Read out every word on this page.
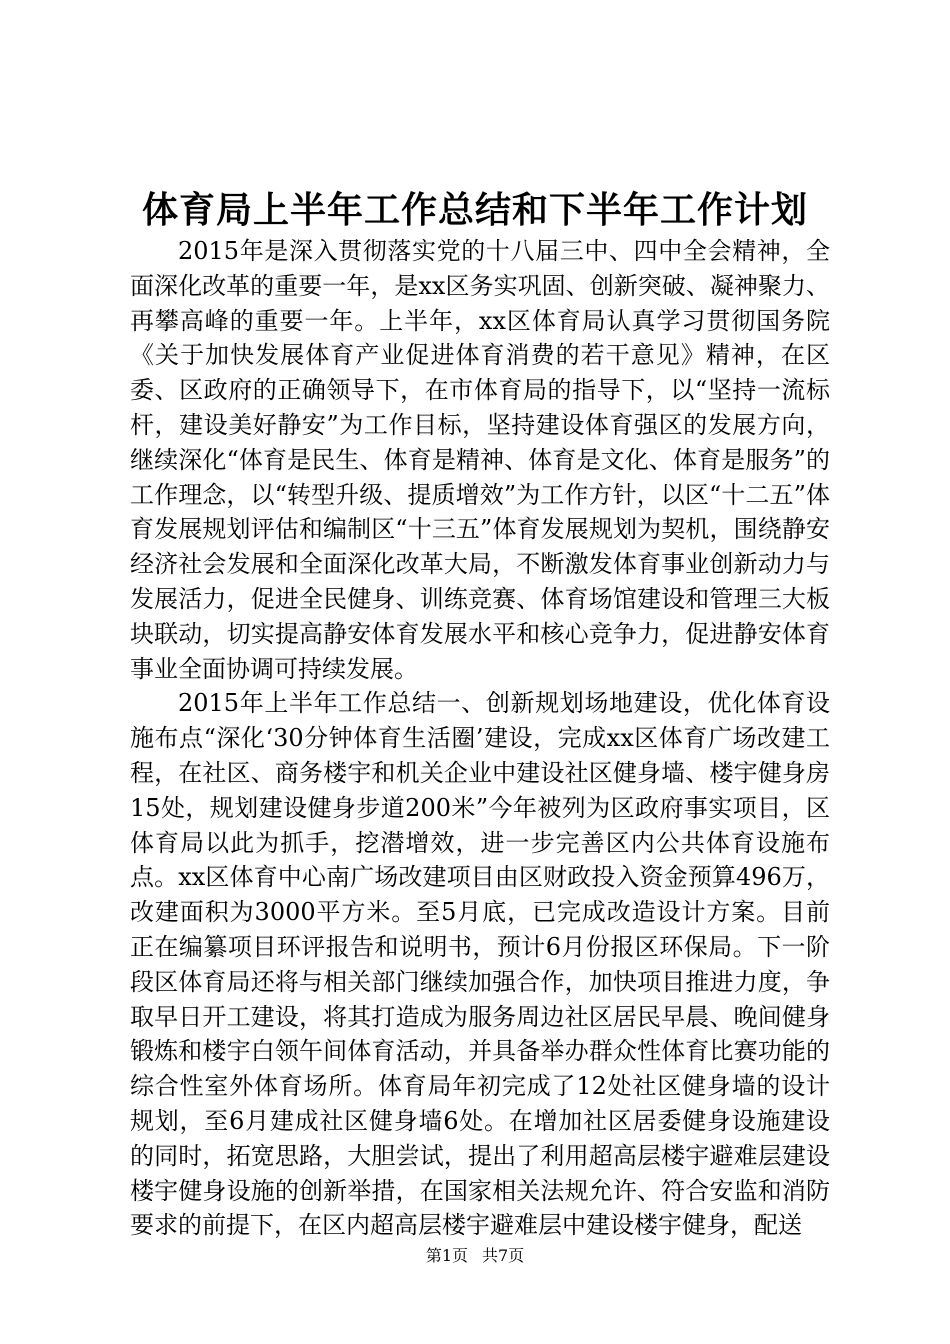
体育局上半年工作总结和下半年工作计划

2015年是深入贯彻落实党的十八届三中、四中全会精神，全面深化改革的重要一年，是xx区务实巩固、创新突破、凝神聚力、再攀高峰的重要一年。上半年，xx区体育局认真学习贯彻国务院《关于加快发展体育产业促进体育消费的若干意见》精神，在区委、区政府的正确领导下，在市体育局的指导下，以“坚持一流标杆，建设美好静安”为工作目标，坚持建设体育强区的发展方向，继续深化“体育是民生、体育是精神、体育是文化、体育是服务”的工作理念，以“转型升级、提质增效”为工作方针，以区“十二五”体育发展规划评估和编制区“十三五”体育发展规划为契机，围绕静安经济社会发展和全面深化改革大局，不断激发体育事业创新动力与发展活力，促进全民健身、训练竞赛、体育场馆建设和管理三大板块联动，切实提高静安体育发展水平和核心竞争力，促进静安体育事业全面协调可持续发展。

2015年上半年工作总结一、创新规划场地建设，优化体育设施布点“深化‘30分钟体育生活圈’建设，完成xx区体育广场改建工程，在社区、商务楼宇和机关企业中建设社区健身墙、楼宇健身房15处，规划建设健身步道200米”今年被列为区政府事实项目，区体育局以此为抓手，挖潜增效，进一步完善区内公共体育设施布点。xx区体育中心南广场改建项目由区财政投入资金预算496万，改建面积为3000平方米。至5月底，已完成改造设计方案。目前正在编纂项目环评报告和说明书，预计6月份报区环保局。下一阶段区体育局还将与相关部门继续加强合作，加快项目推进力度，争取早日开工建设，将其打造成为服务周边社区居民早晨、晚间健身锻炼和楼宇白领午间体育活动，并具备举办群众性体育比赛功能的综合性室外体育场所。体育局年初完成了12处社区健身墙的设计规划，至6月建成社区健身墙6处。在增加社区居委健身设施建设的同时，拓宽思路，大胆尝试，提出了利用超高层楼宇避难层建设楼宇健身设施的创新举措，在国家相关法规允许、符合安监和消防要求的前提下，在区内超高层楼宇避难层中建设楼宇健身，配送

第1页 共7页
